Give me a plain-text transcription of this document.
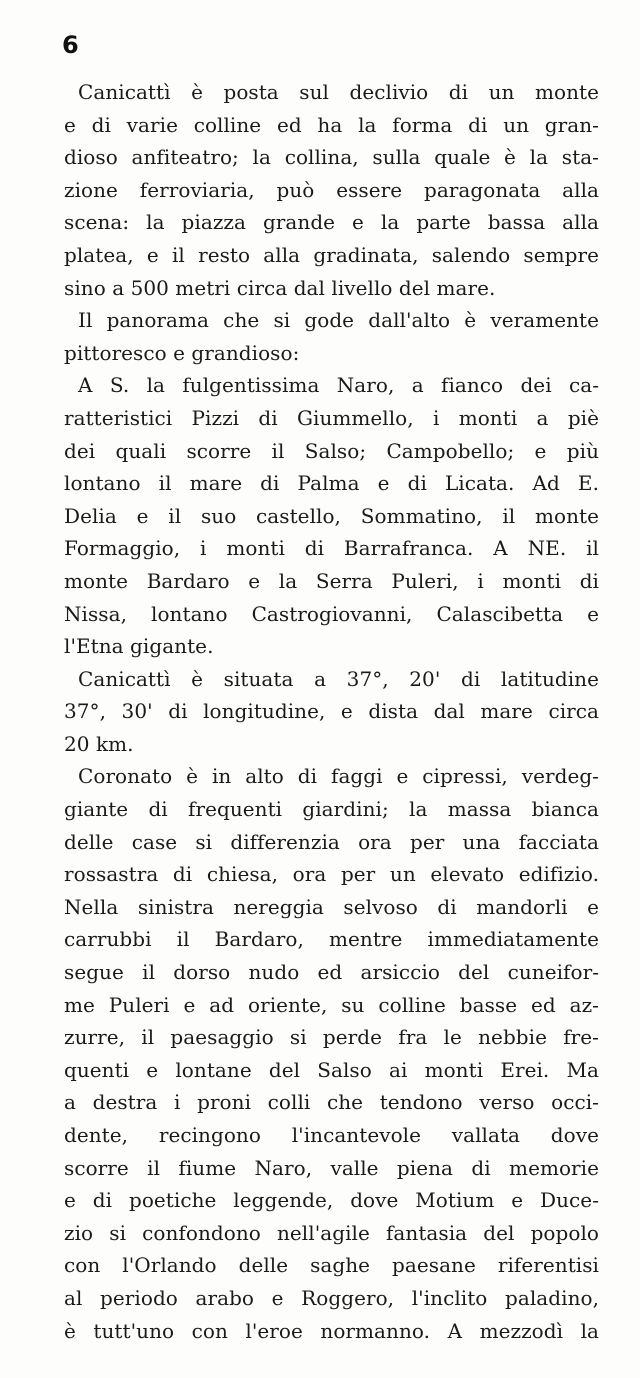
6
Canicattì è posta sul declivio di un monte
e di varie colline ed ha la forma di un gran-
dioso anfiteatro; la collina, sulla quale è la sta-
zione ferroviaria, può essere paragonata alla
scena: la piazza grande e la parte bassa alla
platea, e il resto alla gradinata, salendo sempre
sino a 500 metri circa dal livello del mare.
Il panorama che si gode dall'alto è veramente
pittoresco e grandioso:
A S. la fulgentissima Naro, a fianco dei ca-
ratteristici Pizzi di Giummello, i monti a piè
dei quali scorre il Salso; Campobello; e più
lontano il mare di Palma e di Licata. Ad E.
Delia e il suo castello, Sommatino, il monte
Formaggio, i monti di Barrafranca. A NE. il
monte Bardaro e la Serra Puleri, i monti di
Nissa, lontano Castrogiovanni, Calascibetta e
l'Etna gigante.
Canicattì è situata a 37°, 20' di latitudine
37°, 30' di longitudine, e dista dal mare circa
20 km.
Coronato è in alto di faggi e cipressi, verdeg-
giante di frequenti giardini; la massa bianca
delle case si differenzia ora per una facciata
rossastra di chiesa, ora per un elevato edifizio.
Nella sinistra nereggia selvoso di mandorli e
carrubbi il Bardaro, mentre immediatamente
segue il dorso nudo ed arsiccio del cuneifor-
me Puleri e ad oriente, su colline basse ed az-
zurre, il paesaggio si perde fra le nebbie fre-
quenti e lontane del Salso ai monti Erei. Ma
a destra i proni colli che tendono verso occi-
dente, recingono l'incantevole vallata dove
scorre il fiume Naro, valle piena di memorie
e di poetiche leggende, dove Motium e Duce-
zio si confondono nell'agile fantasia del popolo
con l'Orlando delle saghe paesane riferentisi
al periodo arabo e Roggero, l'inclito paladino,
è tutt'uno con l'eroe normanno. A mezzodì la
